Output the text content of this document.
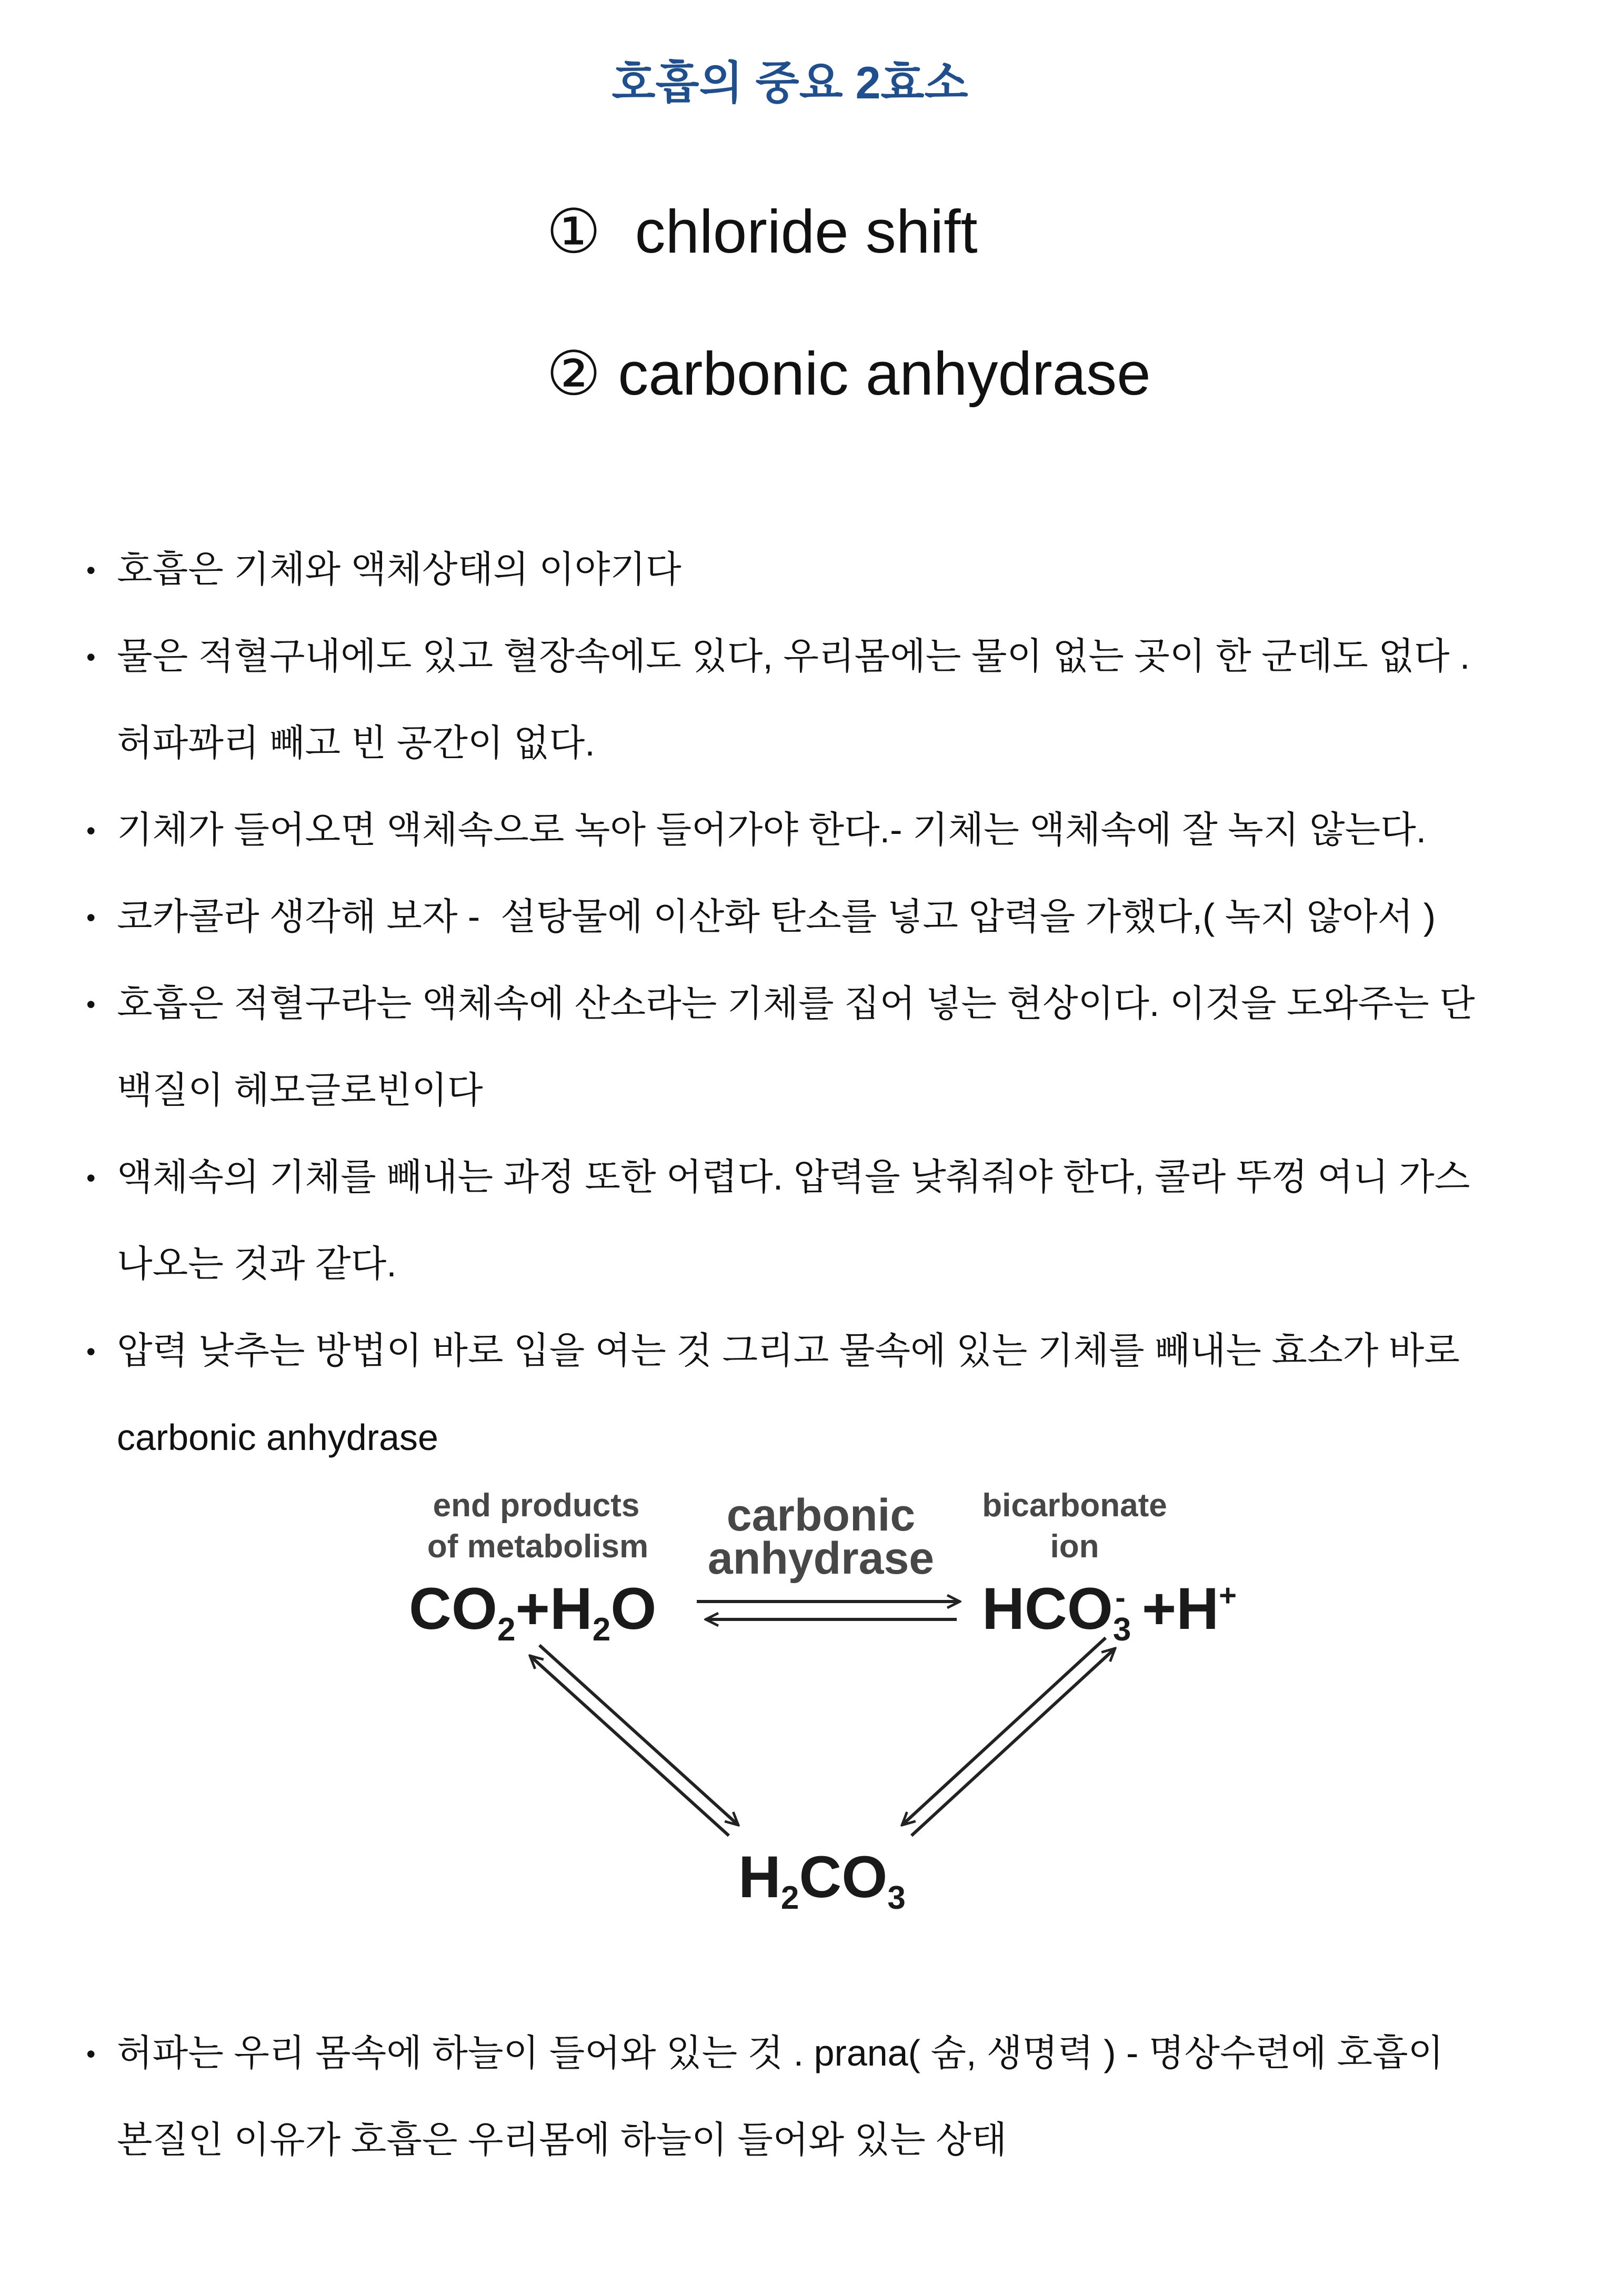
호흡의 중요 2효소
①  chloride shift
② carbonic anhydrase
•
호흡은 기체와 액체상태의 이야기다
•
물은 적혈구내에도 있고 혈장속에도 있다, 우리몸에는 물이 없는 곳이 한 군데도 없다 .
허파꽈리 빼고 빈 공간이 없다.
•
기체가 들어오면 액체속으로 녹아 들어가야 한다.- 기체는 액체속에 잘 녹지 않는다.
•
코카콜라 생각해 보자 -  설탕물에 이산화 탄소를 넣고 압력을 가했다,( 녹지 않아서 )
•
호흡은 적혈구라는 액체속에 산소라는 기체를 집어 넣는 현상이다. 이것을 도와주는 단
백질이 헤모글로빈이다
•
액체속의 기체를 빼내는 과정 또한 어렵다. 압력을 낮춰줘야 한다, 콜라 뚜껑 여니 가스
나오는 것과 같다.
•
압력 낮추는 방법이 바로 입을 여는 것 그리고 물속에 있는 기체를 빼내는 효소가 바로
carbonic anhydrase
end products
of metabolism
carbonic
anhydrase
bicarbonate
ion
CO2+H2O	HCO3- +H+
H2CO3
•
허파는 우리 몸속에 하늘이 들어와 있는 것 . prana( 숨, 생명력 ) - 명상수련에 호흡이
본질인 이유가 호흡은 우리몸에 하늘이 들어와 있는 상태
